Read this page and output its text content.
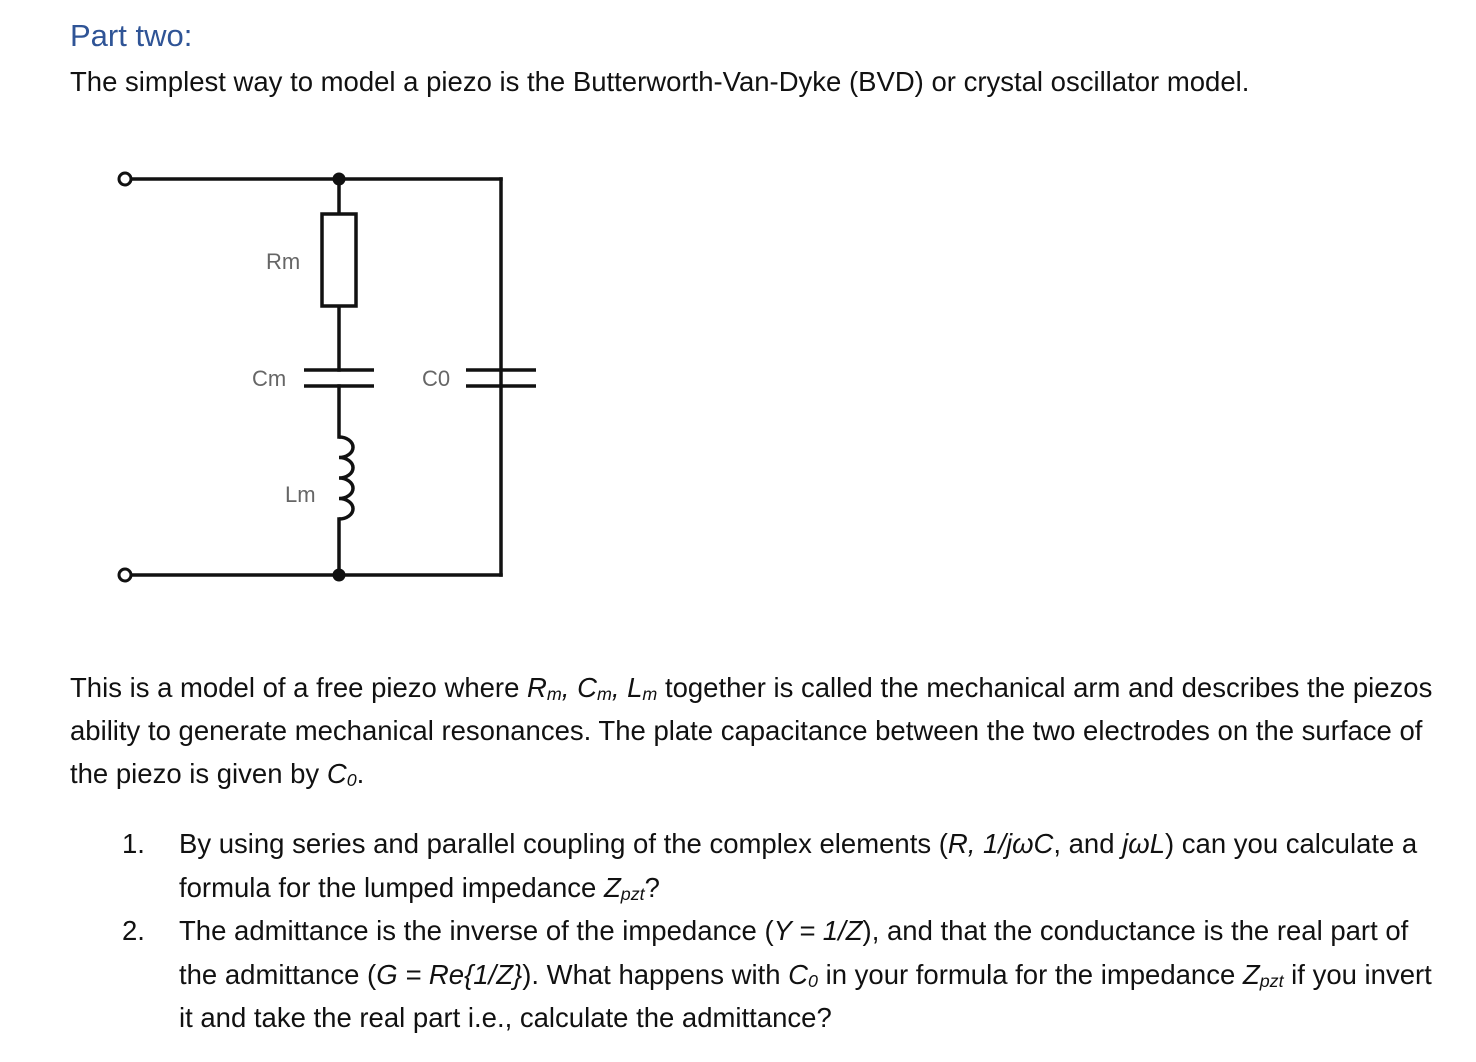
Part two:

The simplest way to model a piezo is the Butterworth-Van-Dyke (BVD) or crystal oscillator model.

Rm
Cm	C0
Lm

This is a model of a free piezo where $R_m$, $C_m$, $L_m$ together is called the mechanical arm and describes the piezos ability to generate mechanical resonances. The plate capacitance between the two electrodes on the surface of the piezo is given by $C_0$.

1. By using series and parallel coupling of the complex elements (R, 1/jωC, and jωL) can you calculate a formula for the lumped impedance $Z_{pzt}$?
2. The admittance is the inverse of the impedance (Y = 1/Z), and that the conductance is the real part of the admittance (G = Re{1/Z}). What happens with $C_0$ in your formula for the impedance $Z_{pzt}$ if you invert it and take the real part i.e., calculate the admittance?
